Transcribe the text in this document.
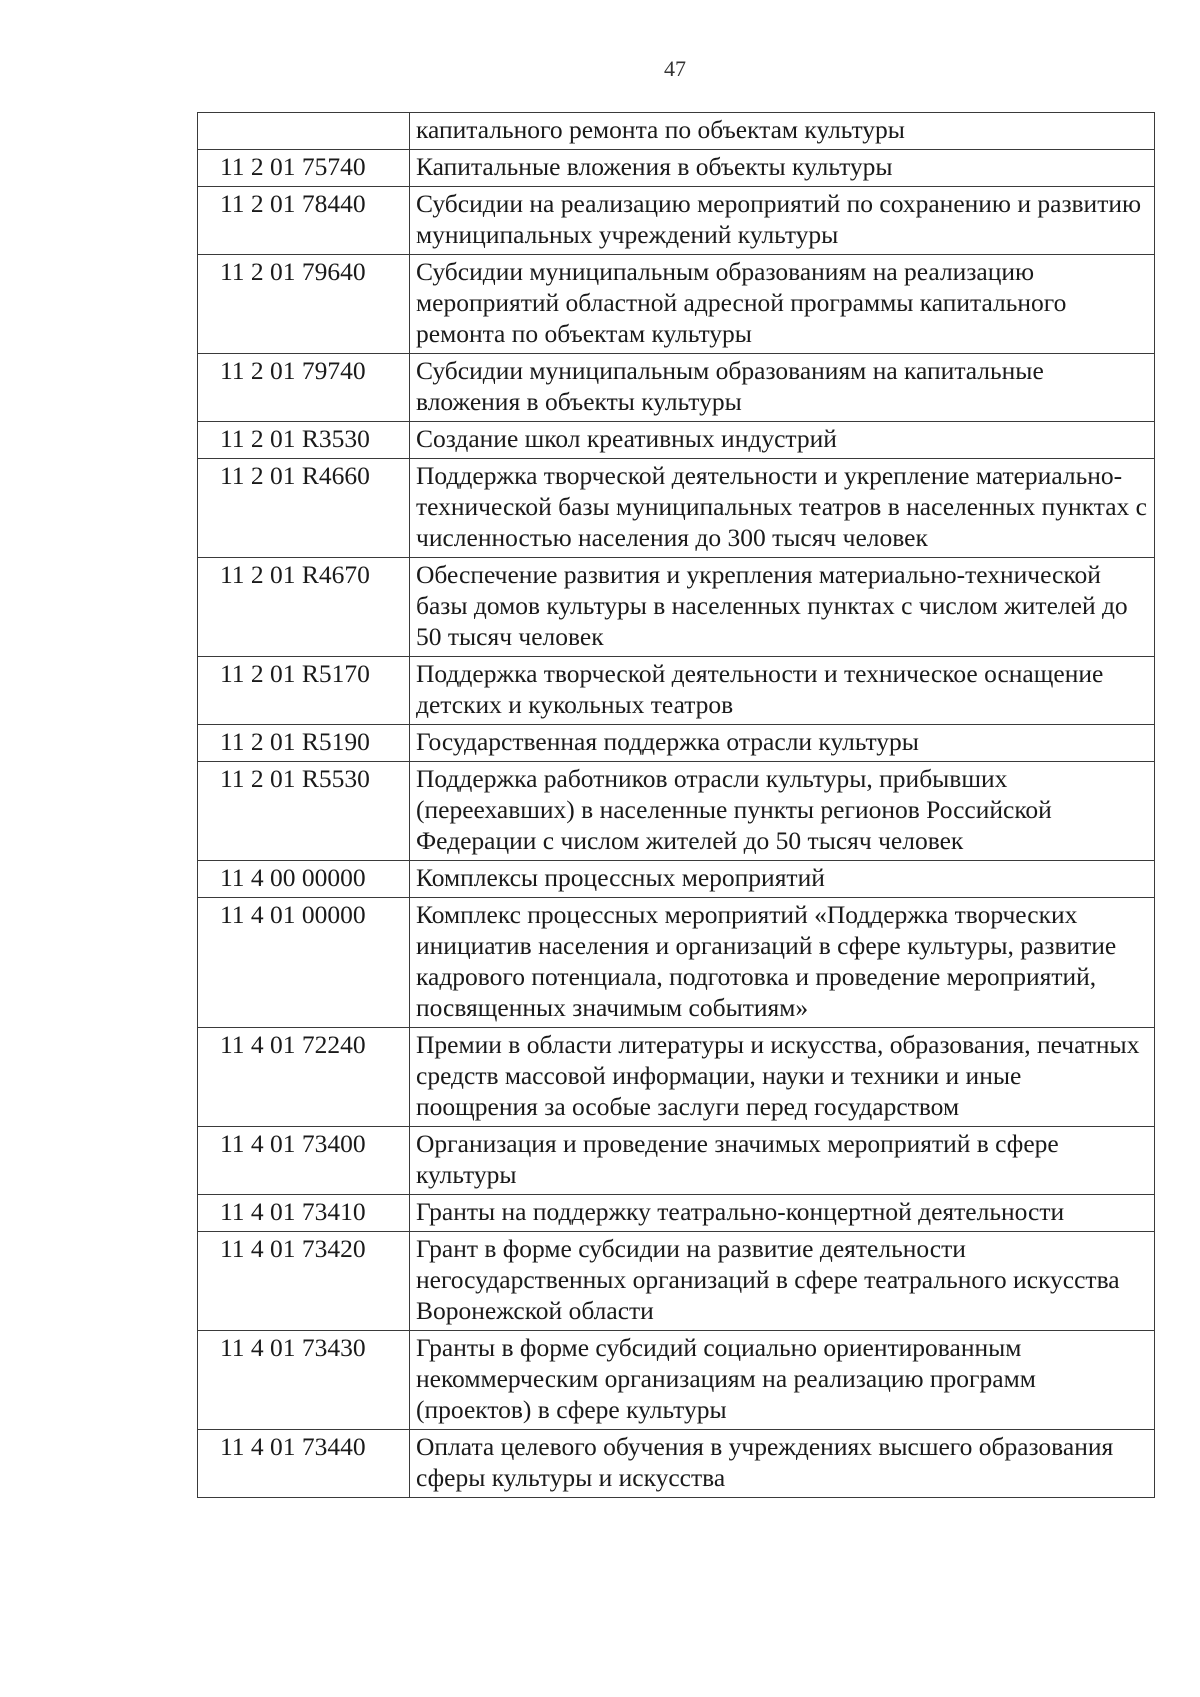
47
	капитального ремонта по объектам культуры
11 2 01 75740	Капитальные вложения в объекты культуры
11 2 01 78440	Субсидии на реализацию мероприятий по сохранению и развитию муниципальных учреждений культуры
11 2 01 79640	Субсидии муниципальным образованиям на реализацию мероприятий областной адресной программы капитального ремонта по объектам культуры
11 2 01 79740	Субсидии муниципальным образованиям на капитальные вложения в объекты культуры
11 2 01 R3530	Создание школ креативных индустрий
11 2 01 R4660	Поддержка творческой деятельности и укрепление материально-технической базы муниципальных театров в населенных пунктах с численностью населения до 300 тысяч человек
11 2 01 R4670	Обеспечение развития и укрепления материально-технической базы домов культуры в населенных пунктах с числом жителей до 50 тысяч человек
11 2 01 R5170	Поддержка творческой деятельности и техническое оснащение детских и кукольных театров
11 2 01 R5190	Государственная поддержка отрасли культуры
11 2 01 R5530	Поддержка работников отрасли культуры, прибывших (переехавших) в населенные пункты регионов Российской Федерации с числом жителей до 50 тысяч человек
11 4 00 00000	Комплексы процессных мероприятий
11 4 01 00000	Комплекс процессных мероприятий «Поддержка творческих инициатив населения и организаций в сфере культуры, развитие кадрового потенциала, подготовка и проведение мероприятий, посвященных значимым событиям»
11 4 01 72240	Премии в области литературы и искусства, образования, печатных средств массовой информации, науки и техники и иные поощрения за особые заслуги перед государством
11 4 01 73400	Организация и проведение значимых мероприятий в сфере культуры
11 4 01 73410	Гранты на поддержку театрально-концертной деятельности
11 4 01 73420	Грант в форме субсидии на развитие деятельности негосударственных организаций в сфере театрального искусства Воронежской области
11 4 01 73430	Гранты в форме субсидий социально ориентированным некоммерческим организациям на реализацию программ (проектов) в сфере культуры
11 4 01 73440	Оплата целевого обучения в учреждениях высшего образования сферы культуры и искусства
